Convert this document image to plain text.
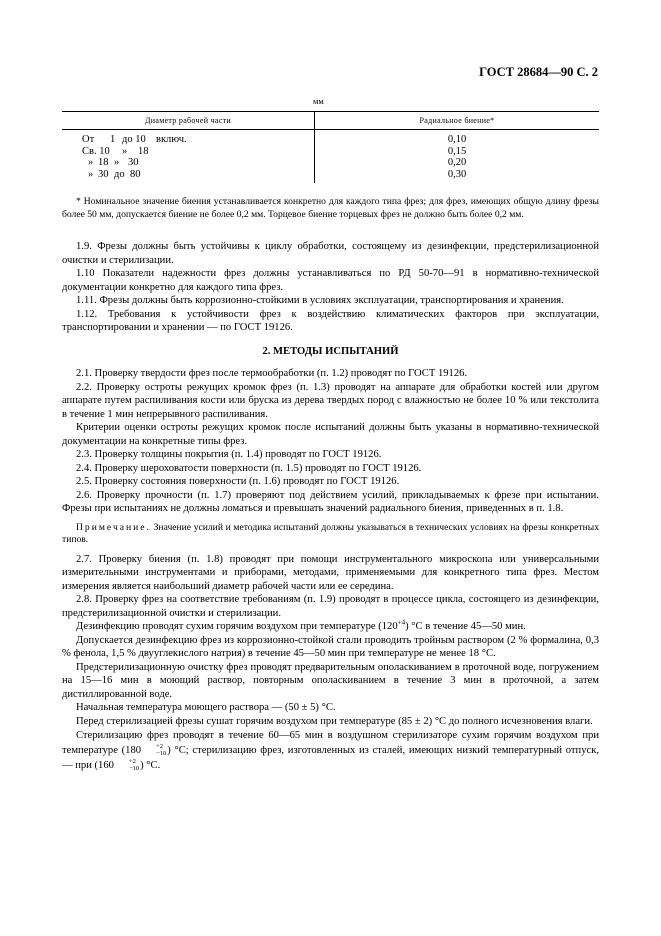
ГОСТ 28684—90 С. 2
мм
Диаметр рабочей части	Радиальное биение*

От 1 до 10 включ.	0,10
Св. 10 » 18	0,15
» 18 » 30	0,20
» 30 до 80	0,30

* Номинальное значение биения устанавливается конкретно для каждого типа фрез; для фрез, имеющих общую длину фрезы более 50 мм, допускается биение не более 0,2 мм. Торцевое биение торцевых фрез не должно быть более 0,2 мм.

1.9. Фрезы должны быть устойчивы к циклу обработки, состоящему из дезинфекции, предстерилизационной очистки и стерилизации.

1.10 Показатели надежности фрез должны устанавливаться по РД 50-70—91 в нормативно-технической документации конкретно для каждого типа фрез.

1.11. Фрезы должны быть коррозионно-стойкими в условиях эксплуатации, транспортирования и хранения.

1.12. Требования к устойчивости фрез к воздействию климатических факторов при эксплуатации, транспортировании и хранении — по ГОСТ 19126.

2. МЕТОДЫ ИСПЫТАНИЙ

2.1. Проверку твердости фрез после термообработки (п. 1.2) проводят по ГОСТ 19126.

2.2. Проверку остроты режущих кромок фрез (п. 1.3) проводят на аппарате для обработки костей или другом аппарате путем распиливания кости или бруска из дерева твердых пород с влажностью не более 10 % или текстолита в течение 1 мин непрерывного распиливания.

Критерии оценки остроты режущих кромок после испытаний должны быть указаны в нормативно-технической документации на конкретные типы фрез.

2.3. Проверку толщины покрытия (п. 1.4) проводят по ГОСТ 19126.

2.4. Проверку шероховатости поверхности (п. 1.5) проводят по ГОСТ 19126.

2.5. Проверку состояния поверхности (п. 1.6) проводят по ГОСТ 19126.

2.6. Проверку прочности (п. 1.7) проверяют под действием усилий, прикладываемых к фрезе при испытании. Фрезы при испытаниях не должны ломаться и превышать значений радиального биения, приведенных в п. 1.8.

Примечание. Значение усилий и методика испытаний должны указываться в технических условиях на фрезы конкретных типов.

2.7. Проверку биения (п. 1.8) проводят при помощи инструментального микроскопа или универсальными измерительными инструментами и приборами, методами, применяемыми для конкретного типа фрез. Местом измерения является наибольший диаметр рабочей части или ее середина.

2.8. Проверку фрез на соответствие требованиям (п. 1.9) проводят в процессе цикла, состоящего из дезинфекции, предстерилизационной очистки и стерилизации.

Дезинфекцию проводят сухим горячим воздухом при температуре $(120^{+4})$ °С в течение 45—50 мин.

Допускается дезинфекцию фрез из коррозионно-стойкой стали проводить тройным раствором (2 % формалина, 0,3 % фенола, 1,5 % двууглекислого натрия) в течение 45—50 мин при температуре не менее 18 °С.

Предстерилизационную очистку фрез проводят предварительным ополаскиванием в проточной воде, погружением на 15—16 мин в моющий раствор, повторным ополаскиванием в течение 3 мин в проточной, а затем дистиллированной воде.

Начальная температура моющего раствора — (50 ± 5) °С.

Перед стерилизацией фрезы сушат горячим воздухом при температуре (85 ± 2) °С до полного исчезновения влаги.

Стерилизацию фрез проводят в течение 60—65 мин в воздушном стерилизаторе сухим горячим воздухом при температуре (180	+2
−10 ) °С; стерилизацию фрез, изготовленных из сталей, имеющих низкий температурный отпуск, — при (160	+2
−10 ) °С.
